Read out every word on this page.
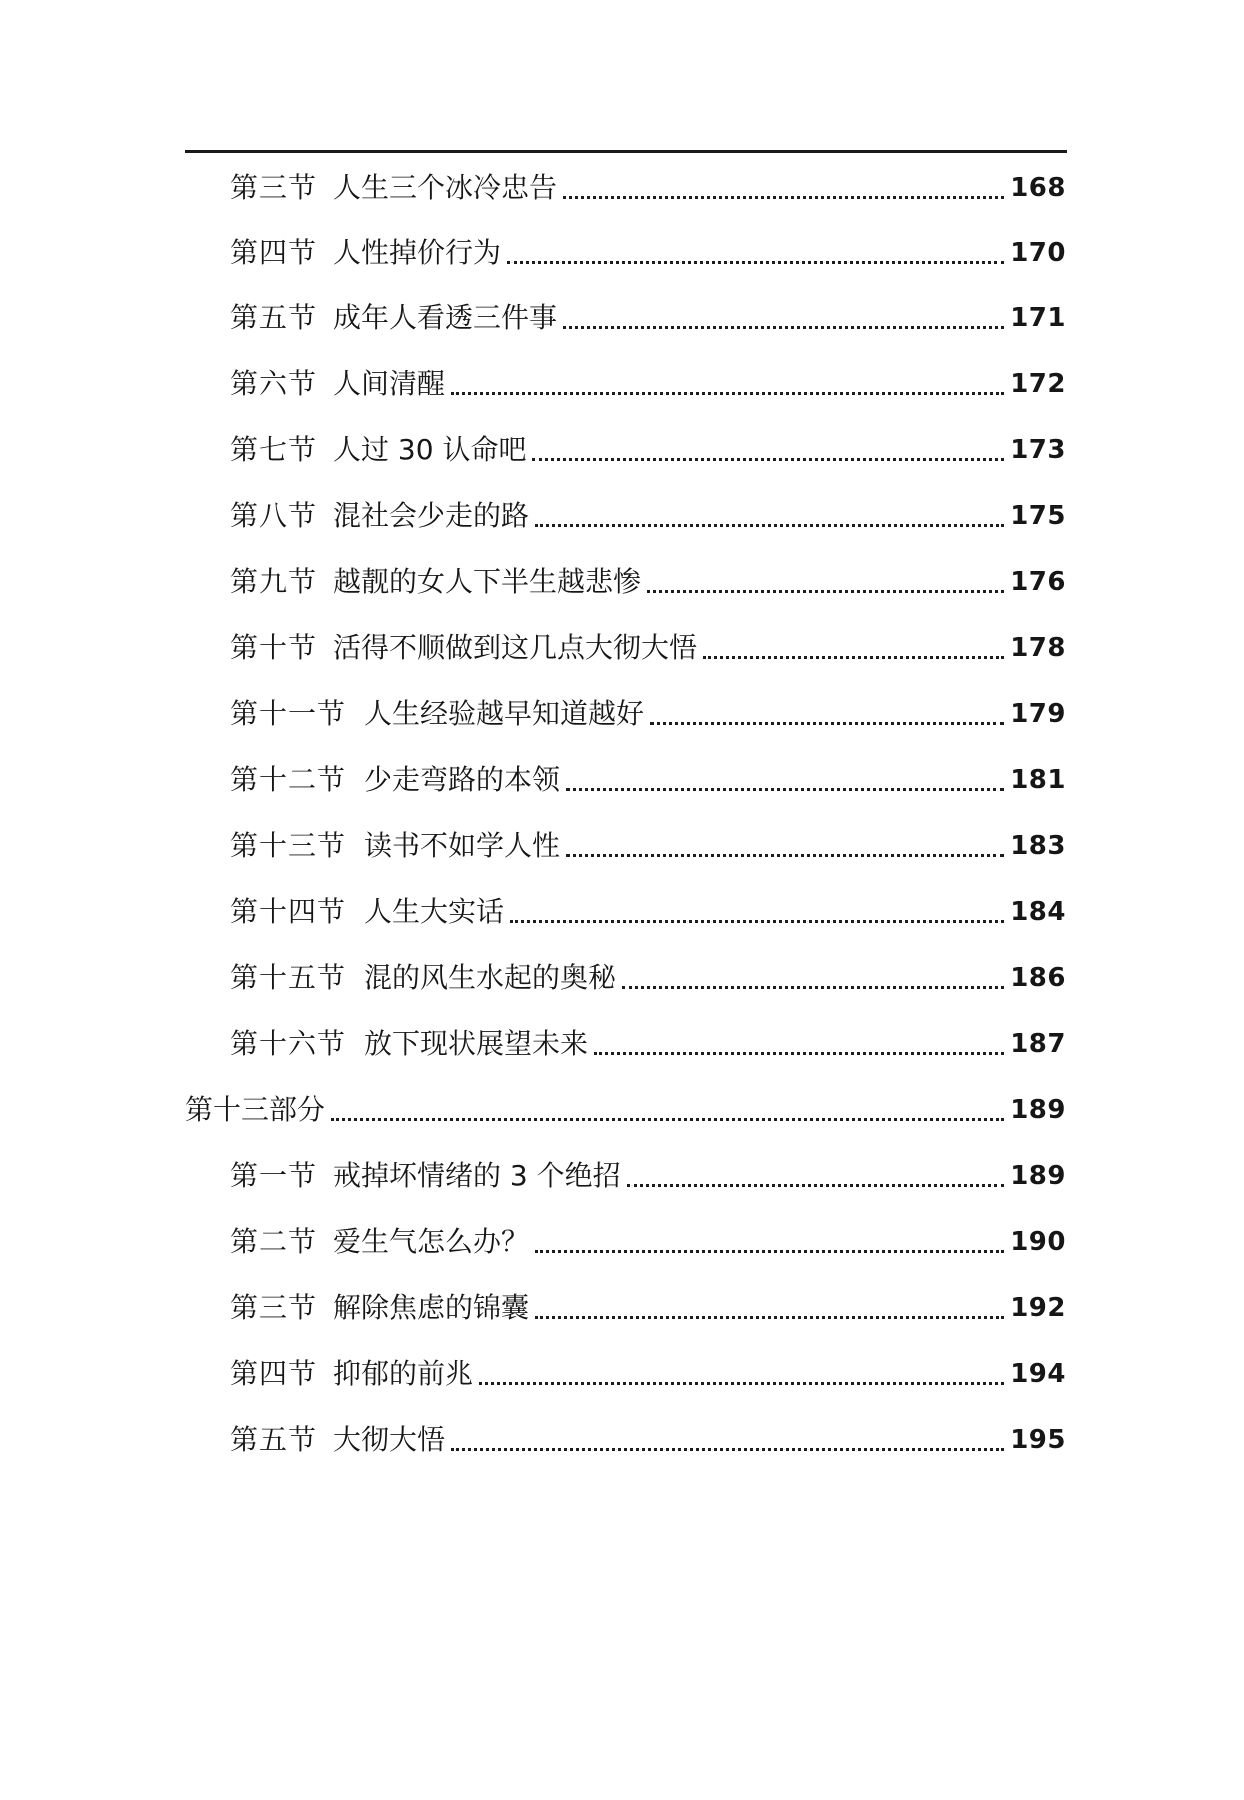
第三节 人生三个冰冷忠告	168
第四节 人性掉价行为	170
第五节 成年人看透三件事	171
第六节 人间清醒	172
第七节 人过 30 认命吧	173
第八节 混社会少走的路	175
第九节 越靓的女人下半生越悲惨	176
第十节 活得不顺做到这几点大彻大悟	178
第十一节 人生经验越早知道越好	179
第十二节 少走弯路的本领	181
第十三节 读书不如学人性	183
第十四节 人生大实话	184
第十五节 混的风生水起的奥秘	186
第十六节 放下现状展望未来	187
第十三部分	189
第一节 戒掉坏情绪的 3 个绝招	189
第二节 爱生气怎么办？	190
第三节 解除焦虑的锦囊	192
第四节 抑郁的前兆	194
第五节 大彻大悟	195
